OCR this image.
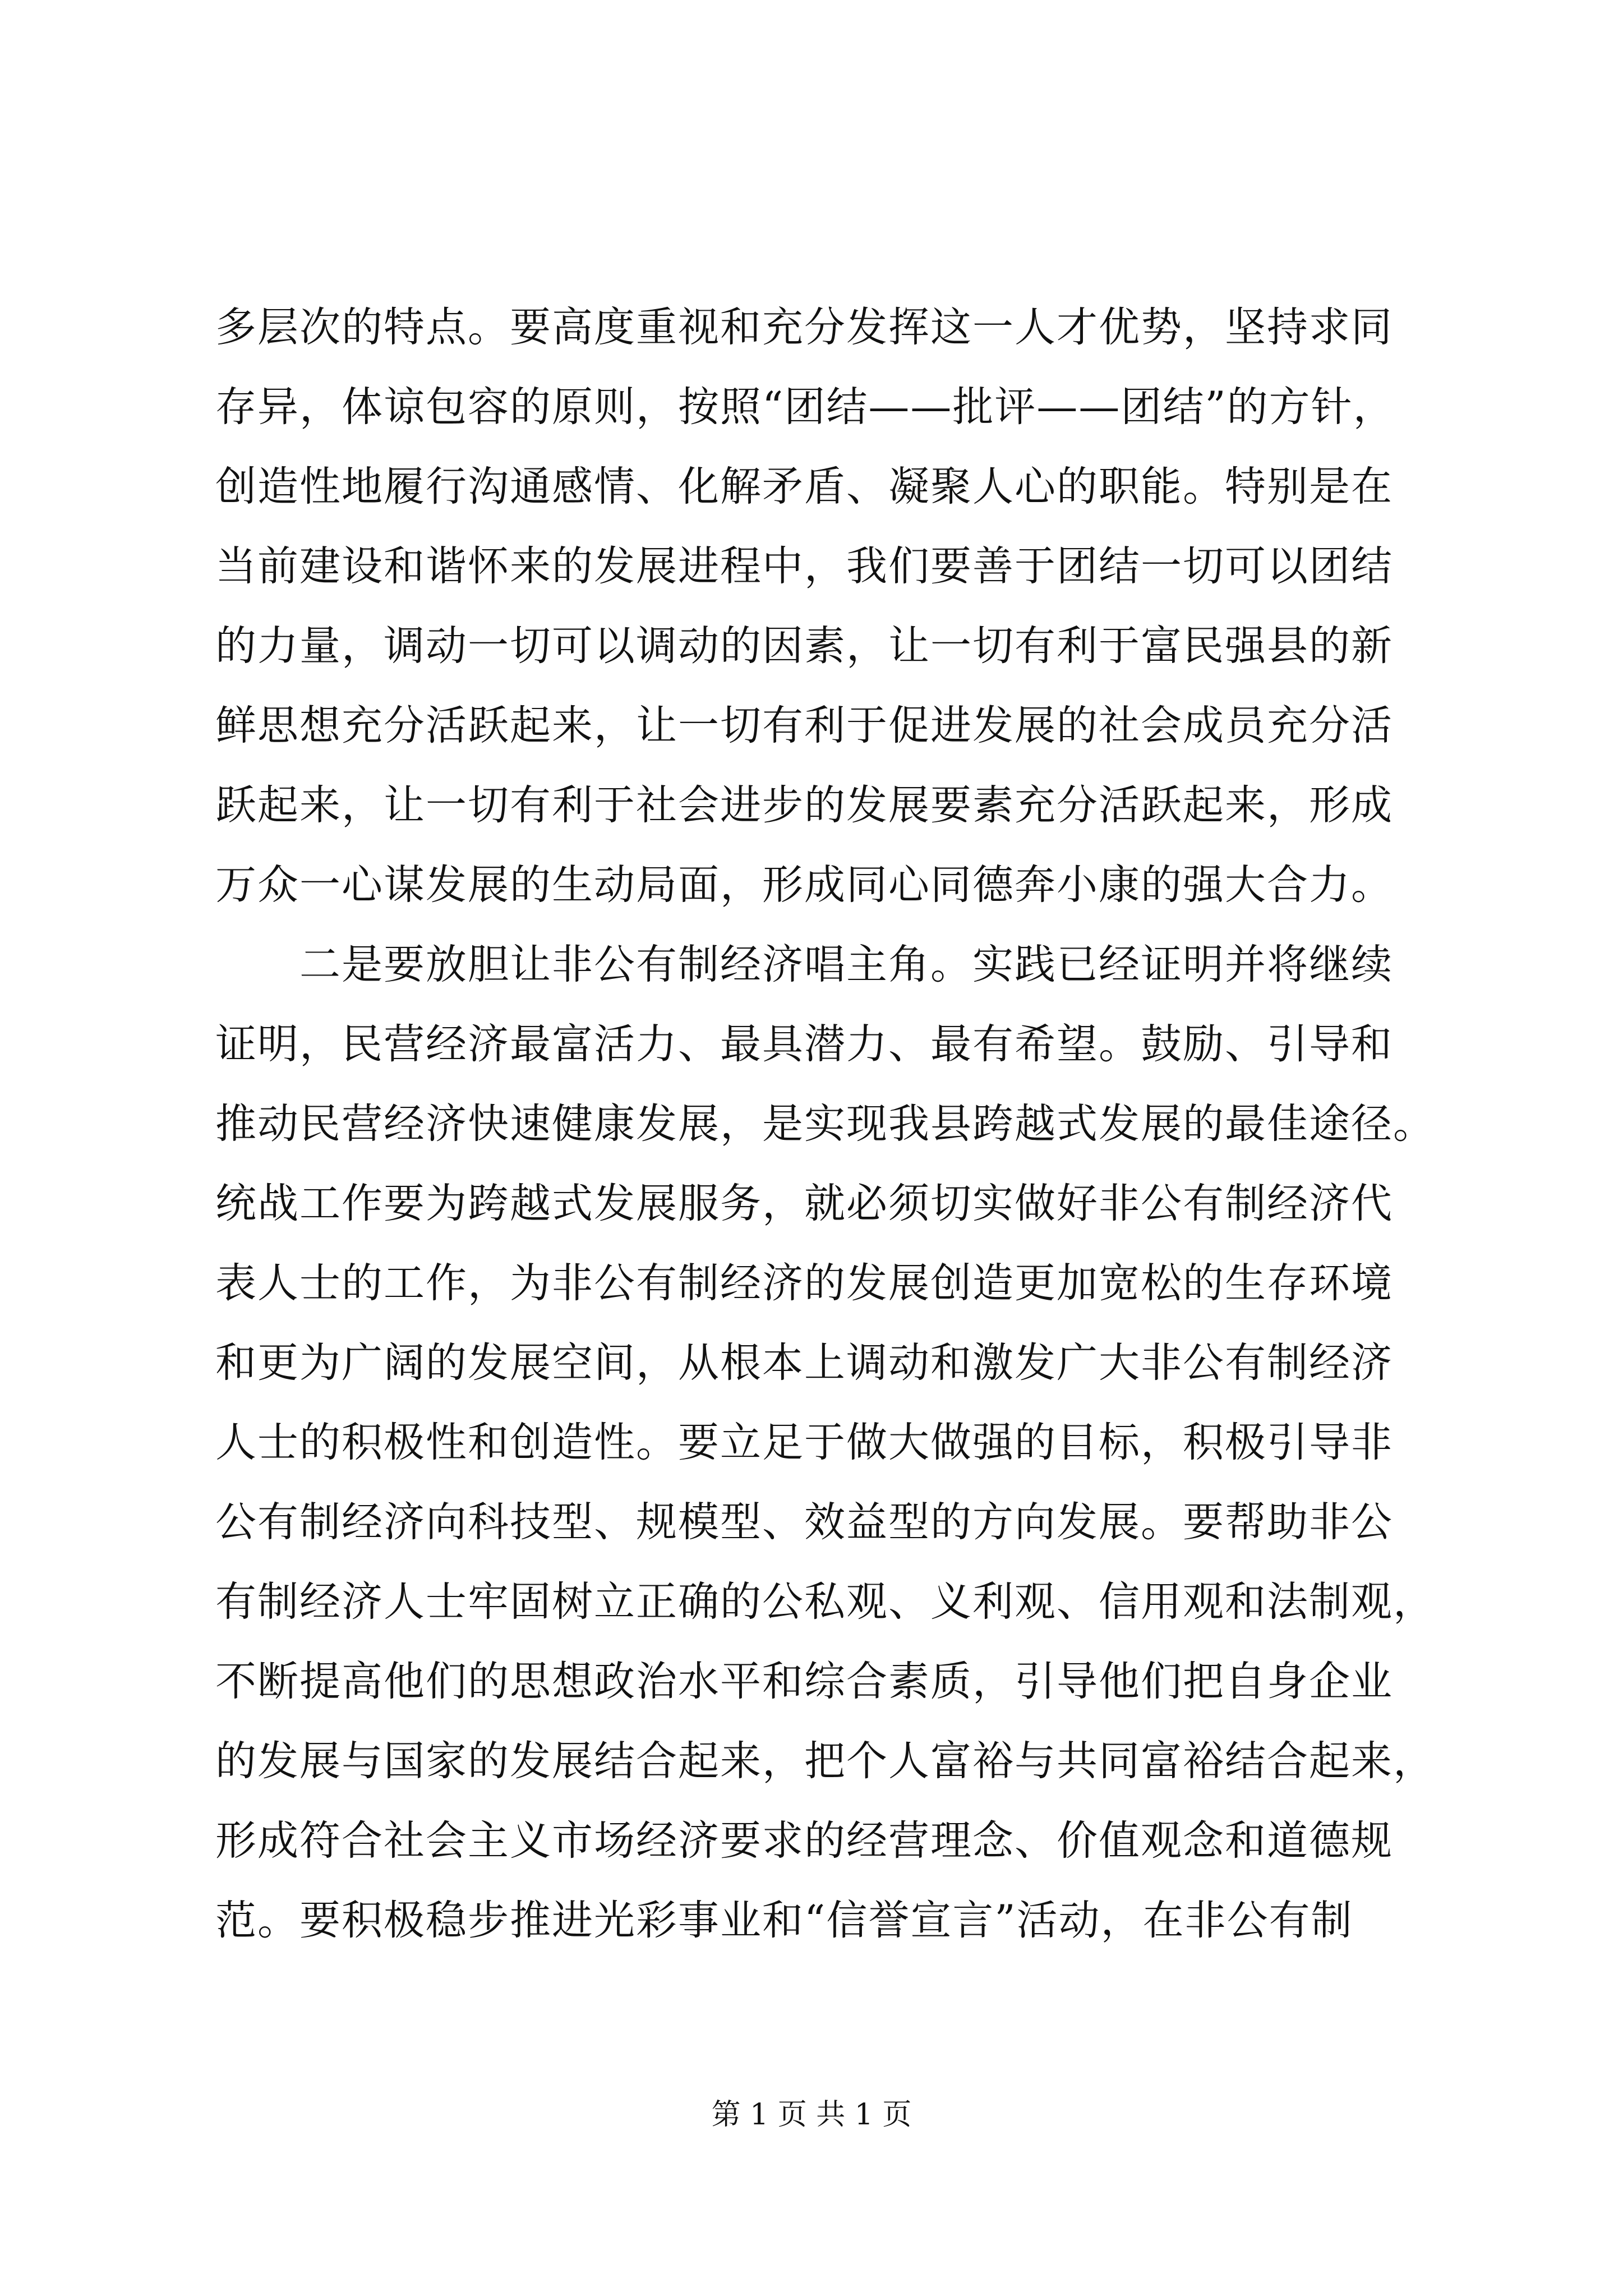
多层次的特点。要高度重视和充分发挥这一人才优势，坚持求同
存异，体谅包容的原则，按照“团结——批评——团结”的方针，
创造性地履行沟通感情、化解矛盾、凝聚人心的职能。特别是在
当前建设和谐怀来的发展进程中，我们要善于团结一切可以团结
的力量，调动一切可以调动的因素，让一切有利于富民强县的新
鲜思想充分活跃起来，让一切有利于促进发展的社会成员充分活
跃起来，让一切有利于社会进步的发展要素充分活跃起来，形成
万众一心谋发展的生动局面，形成同心同德奔小康的强大合力。
　　二是要放胆让非公有制经济唱主角。实践已经证明并将继续
证明，民营经济最富活力、最具潜力、最有希望。鼓励、引导和
推动民营经济快速健康发展，是实现我县跨越式发展的最佳途径。
统战工作要为跨越式发展服务，就必须切实做好非公有制经济代
表人士的工作，为非公有制经济的发展创造更加宽松的生存环境
和更为广阔的发展空间，从根本上调动和激发广大非公有制经济
人士的积极性和创造性。要立足于做大做强的目标，积极引导非
公有制经济向科技型、规模型、效益型的方向发展。要帮助非公
有制经济人士牢固树立正确的公私观、义利观、信用观和法制观，
不断提高他们的思想政治水平和综合素质，引导他们把自身企业
的发展与国家的发展结合起来，把个人富裕与共同富裕结合起来，
形成符合社会主义市场经济要求的经营理念、价值观念和道德规
范。要积极稳步推进光彩事业和“信誉宣言”活动，在非公有制
第 1 页 共 1 页
